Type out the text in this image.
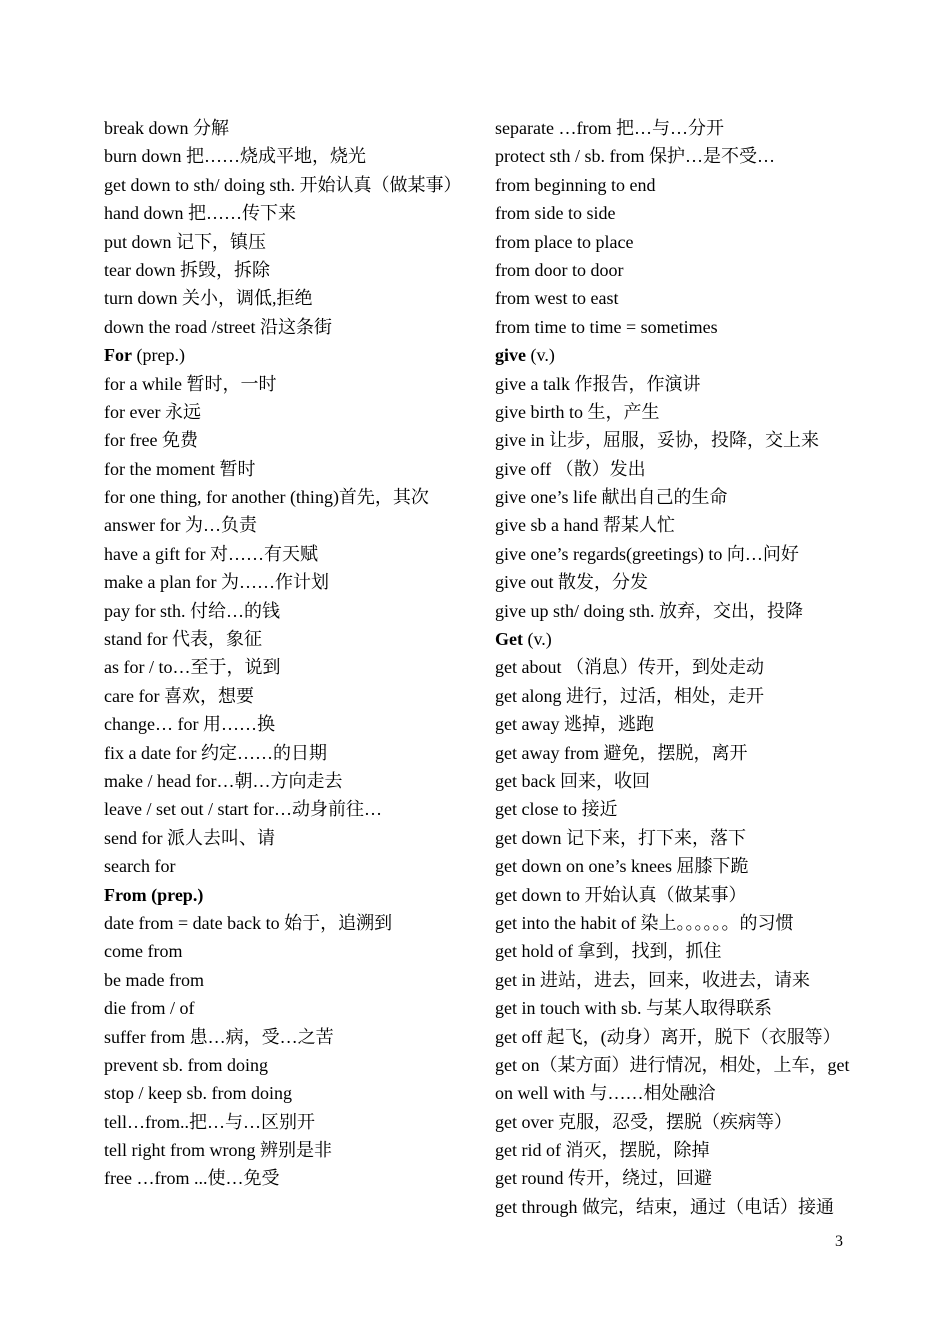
break down 分解
burn down 把……烧成平地，烧光
get down to sth/ doing sth. 开始认真（做某事）
hand down 把……传下来
put down 记下，镇压
tear down 拆毁，拆除
turn down 关小，调低,拒绝
down the road /street 沿这条街
For (prep.)
for a while 暂时，一时
for ever 永远
for free 免费
for the moment 暂时
for one thing, for another (thing)首先，其次
answer for 为…负责
have a gift for 对……有天赋
make a plan for 为……作计划
pay for sth. 付给…的钱
stand for 代表，象征
as for / to…至于，说到
care for 喜欢，想要
change… for 用……换
fix a date for 约定……的日期
make / head for…朝…方向走去
leave / set out / start for…动身前往…
send for 派人去叫、请
search for
From (prep.)
date from = date back to 始于，追溯到
come from
be made from
die from / of
suffer from 患…病，受…之苦
prevent sb. from doing
stop / keep sb. from doing
tell…from..把…与…区别开
tell right from wrong 辨别是非
free …from ...使…免受
separate …from 把…与…分开
protect sth / sb. from 保护…是不受…
from beginning to end
from side to side
from place to place
from door to door
from west to east
from time to time = sometimes
give (v.)
give a talk 作报告，作演讲
give birth to 生，产生
give in 让步，屈服，妥协，投降，交上来
give off （散）发出
give one’s life 献出自己的生命
give sb a hand 帮某人忙
give one’s regards(greetings) to 向…问好
give out 散发，分发
give up sth/ doing sth. 放弃，交出，投降
Get (v.)
get about （消息）传开，到处走动
get along 进行，过活，相处，走开
get away 逃掉，逃跑
get away from 避免，摆脱，离开
get back 回来，收回
get close to 接近
get down 记下来，打下来，落下
get down on one’s knees 屈膝下跪
get down to 开始认真（做某事）
get into the habit of 染上。。。。。。的习惯
get hold of 拿到，找到，抓住
get in 进站，进去，回来，收进去，请来
get in touch with sb. 与某人取得联系
get off 起飞，(动身）离开，脱下（衣服等）
get on（某方面）进行情况，相处，上车，get on well with 与……相处融洽
get over 克服，忍受，摆脱（疾病等）
get rid of 消灭，摆脱，除掉
get round 传开，绕过，回避
get through 做完，结束，通过（电话）接通
3
